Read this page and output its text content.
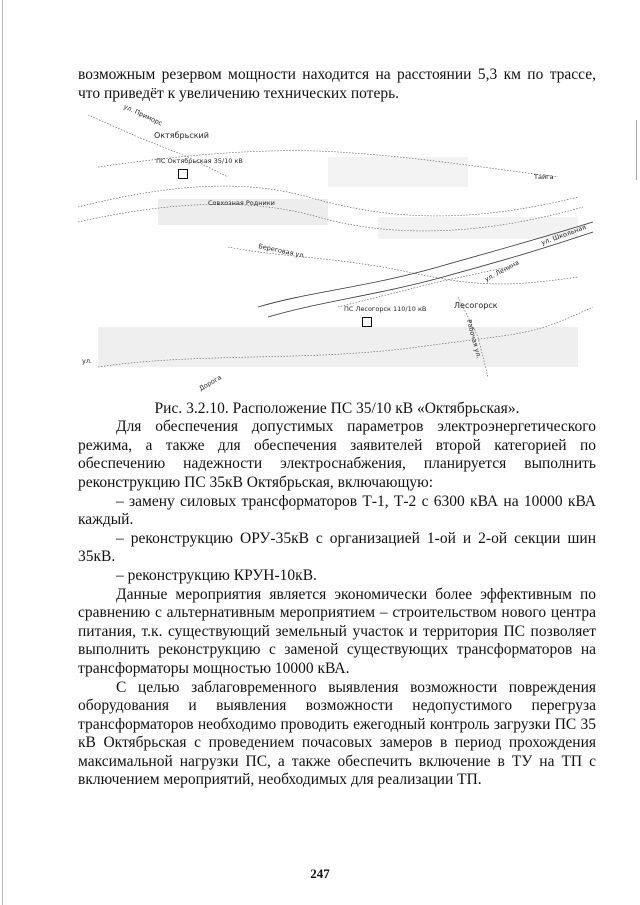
возможным резервом мощности находится на расстоянии 5,3 км по трассе, что приведёт к увеличению технических потерь.

ул. Приморс
Октябрьский
ПС Октябрьская 35/10 кВ
Совхозная Родники
Береговая ул.
ул. Ленина
Лесогорск
ПС Лесогорск 110/10 кВ
Рабочая ул.
ул. Школьная
Тайга
Дорога
ул.
Рис. 3.2.10. Расположение ПС 35/10 кВ «Октябрьская».

Для обеспечения допустимых параметров электроэнергетического режима, а также для обеспечения заявителей второй категорией по обеспечению надежности электроснабжения, планируется выполнить реконструкцию ПС 35кВ Октябрьская, включающую:

– замену силовых трансформаторов Т-1, Т-2 с 6300 кВА на 10000 кВА каждый.

– реконструкцию ОРУ-35кВ с организацией 1-ой и 2-ой секции шин 35кВ.

– реконструкцию КРУН-10кВ.

Данные мероприятия является экономически более эффективным по сравнению с альтернативным мероприятием – строительством нового центра питания, т.к. существующий земельный участок и территория ПС позволяет выполнить реконструкцию с заменой существующих трансформаторов на трансформаторы мощностью 10000 кВА.

С целью заблаговременного выявления возможности повреждения оборудования и выявления возможности недопустимого перегруза трансформаторов необходимо проводить ежегодный контроль загрузки ПС 35 кВ Октябрьская с проведением почасовых замеров в период прохождения максимальной нагрузки ПС, а также обеспечить включение в ТУ на ТП с включением мероприятий, необходимых для реализации ТП.

247
